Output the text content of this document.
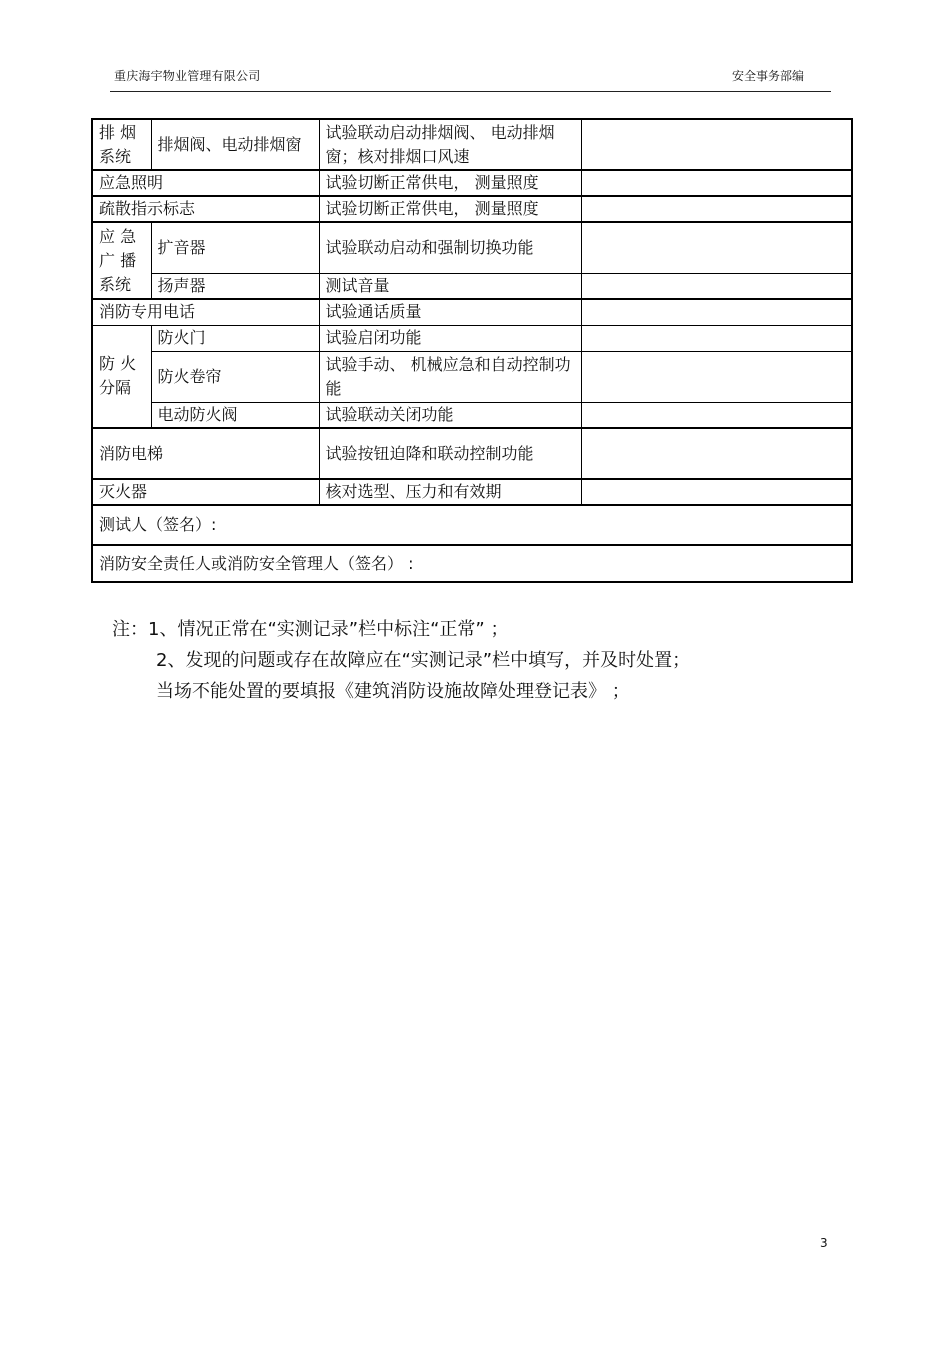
重庆海宇物业管理有限公司	安全事务部编
排 烟 系统	排烟阀、电动排烟窗	试验联动启动排烟阀、 电动排烟窗；核对排烟口风速	
应急照明		试验切断正常供电， 测量照度	
疏散指示标志		试验切断正常供电， 测量照度	
应 急 广 播 系统	扩音器	试验联动启动和强制切换功能	
	扬声器	测试音量	
消防专用电话		试验通话质量	
防 火 分隔	防火门	试验启闭功能	
	防火卷帘	试验手动、 机械应急和自动控制功能	
	电动防火阀	试验联动关闭功能	
消防电梯		试验按钮迫降和联动控制功能	
灭火器		核对选型、压力和有效期	
测试人（签名）:			
消防安全责任人或消防安全管理人（签名） :			
注：1、情况正常在“实测记录”栏中标注“正常” ；
2、发现的问题或存在故障应在“实测记录”栏中填写，并及时处置；
当场不能处置的要填报《建筑消防设施故障处理登记表》 ；
3
